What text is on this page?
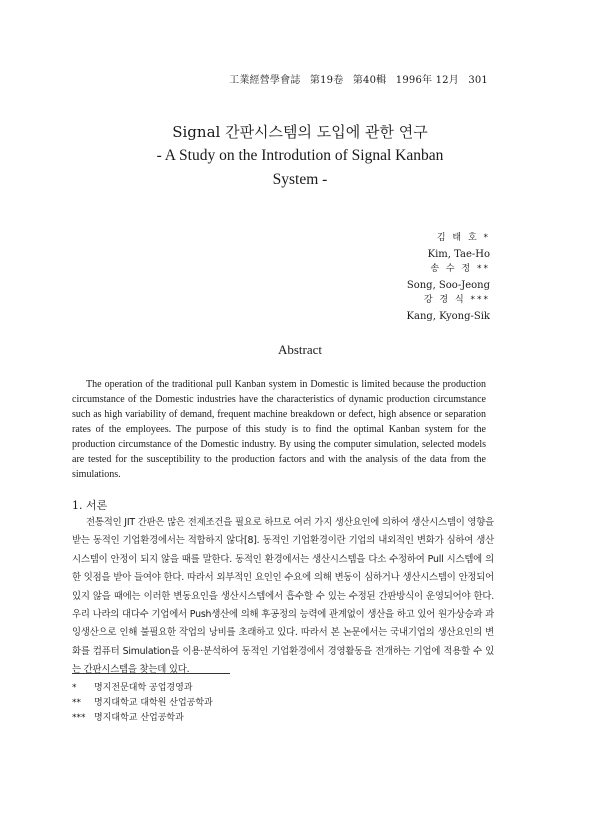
工業經營學會誌 第19卷 第40輯 1996年 12月 301
Signal 간판시스템의 도입에 관한 연구
- A Study on the Introdution of Signal Kanban
System -
김 태 호 *
Kim, Tae-Ho
송 수 정 **
Song, Soo-Jeong
강 경 식 ***
Kang, Kyong-Sik
Abstract

The operation of the traditional pull Kanban system in Domestic is limited because the production circumstance of the Domestic industries have the characteristics of dynamic production circumstance such as high variability of demand, frequent machine breakdown or defect, high absence or separation rates of the employees. The purpose of this study is to find the optimal Kanban system for the production circumstance of the Domestic industry. By using the computer simulation, selected models are tested for the susceptibility to the production factors and with the analysis of the data from the simulations.

1. 서론

전통적인 JIT 간판은 많은 전제조건을 필요로 하므로 여러 가지 생산요인에 의하여 생산시스템이 영향을 받는 동적인 기업환경에서는 적합하지 않다[8]. 동적인 기업환경이란 기업의 내외적인 변화가 심하여 생산시스템이 안정이 되지 않을 때를 말한다. 동적인 환경에서는 생산시스템을 다소 수정하여 Pull 시스템에 의한 잇점을 받아 들여야 한다. 따라서 외부적인 요인인 수요에 의해 변동이 심하거나 생산시스템이 안정되어 있지 않을 때에는 이러한 변동요인을 생산시스템에서 흡수할 수 있는 수정된 간판방식이 운영되어야 한다. 우리 나라의 대다수 기업에서 Push생산에 의해 후공정의 능력에 관계없이 생산을 하고 있어 원가상승과 과잉생산으로 인해 불필요한 작업의 낭비를 초래하고 있다. 따라서 본 논문에서는 국내기업의 생산요인의 변화를 컴퓨터 Simulation을 이용·분석하여 동적인 기업환경에서 경영활동을 전개하는 기업에 적용할 수 있는 간판시스템을 찾는데 있다.

* 명지전문대학 공업경영과
** 명지대학교 대학원 산업공학과
*** 명지대학교 산업공학과
